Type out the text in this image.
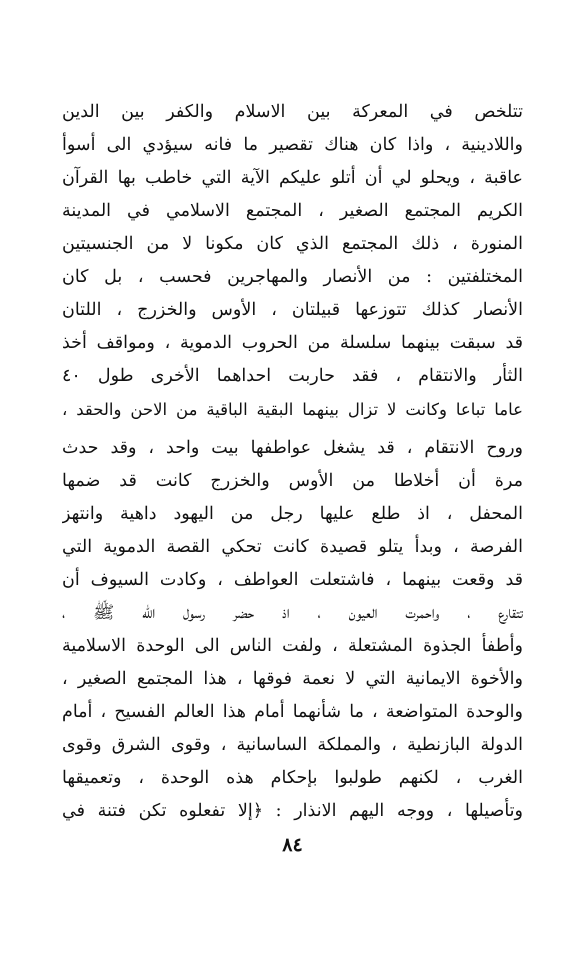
تتلخص في المعركة بين الاسلام والكفر بين الدين
واللادينية ، واذا كان هناك تقصير ما فانه سيؤدي الى أسوأ
عاقبة ، ويحلو لي أن أتلو عليكم الآية التي خاطب بها القرآن
الكريم المجتمع الصغير ، المجتمع الاسلامي في المدينة
المنورة ، ذلك المجتمع الذي كان مكونا لا من الجنسيتين
المختلفتين : من الأنصار والمهاجرين فحسب ، بل كان
الأنصار كذلك تتوزعها قبيلتان ، الأوس والخزرج ، اللتان
قد سبقت بينهما سلسلة من الحروب الدموية ، ومواقف أخذ
الثأر والانتقام ، فقد حاربت احداهما الأخرى طول ٤٠
عاما تباعا وكانت لا تزال بينهما البقية الباقية من الاحن والحقد ،
وروح الانتقام ، قد يشغل عواطفها بيت واحد ، وقد حدث
مرة أن أخلاطا من الأوس والخزرج كانت قد ضمها
المحفل ، اذ طلع عليها رجل من اليهود داهية وانتهز
الفرصة ، وبدأ يتلو قصيدة كانت تحكي القصة الدموية التي
قد وقعت بينهما ، فاشتعلت العواطف ، وكادت السيوف أن
تتقارع ، واحمرت العيون ، اذ حضر رسول الله ﷺ ،
وأطفأ الجذوة المشتعلة ، ولفت الناس الى الوحدة الاسلامية
والأخوة الايمانية التي لا نعمة فوقها ، هذا المجتمع الصغير ،
والوحدة المتواضعة ، ما شأنهما أمام هذا العالم الفسيح ، أمام
الدولة البازنطية ، والمملكة الساسانية ، وقوى الشرق وقوى
الغرب ، لكنهم طولبوا بإحكام هذه الوحدة ، وتعميقها
وتأصيلها ، ووجه اليهم الانذار : ﴿إلا تفعلوه تكن فتنة في
٨٤
